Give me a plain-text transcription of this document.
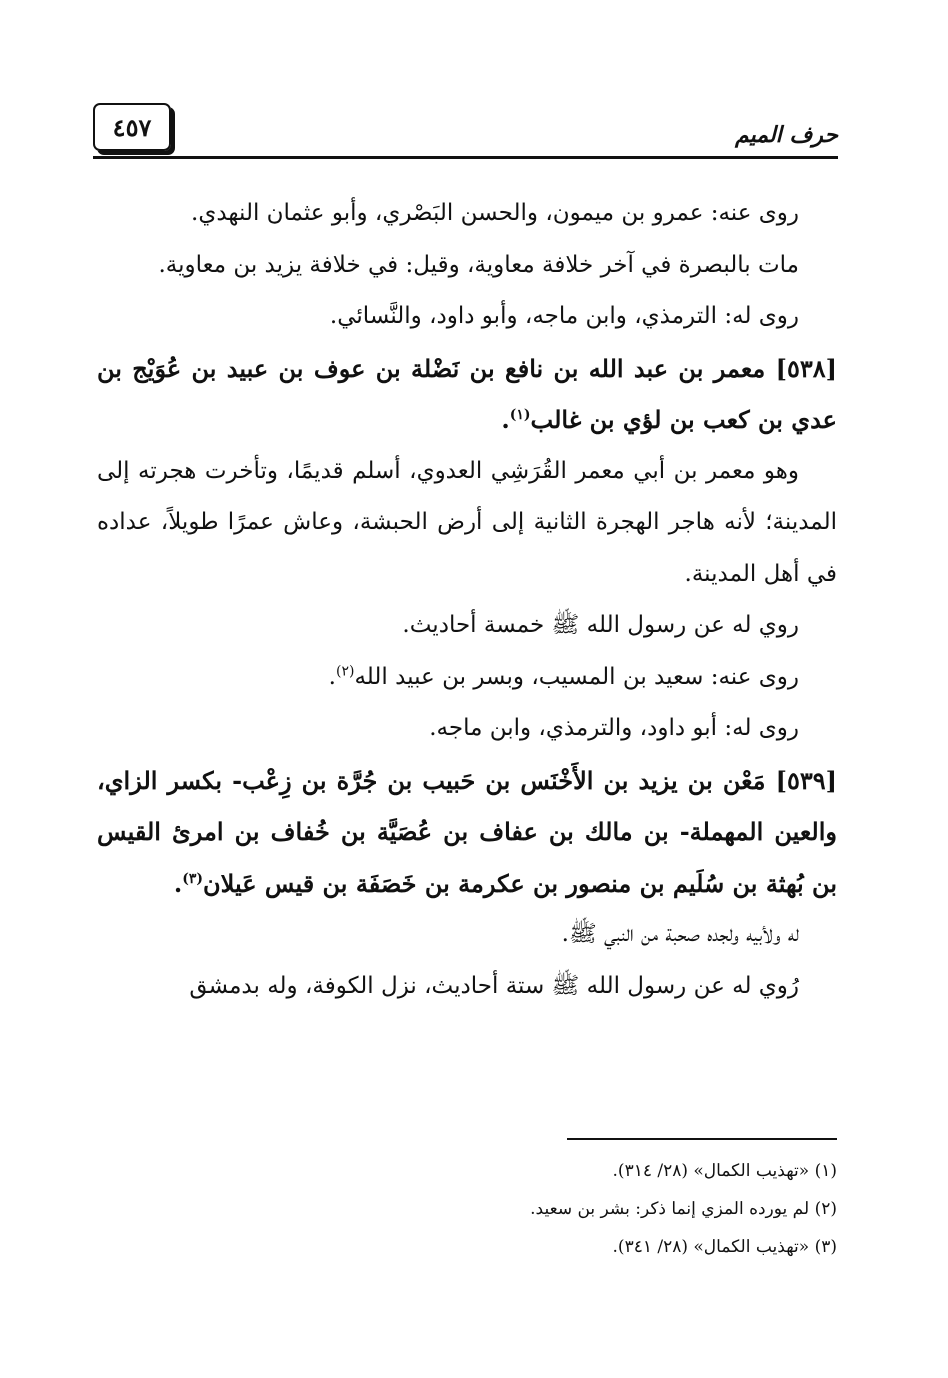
٤٥٧	حرف الميم

روى عنه: عمرو بن ميمون، والحسن البَصْري، وأبو عثمان النهدي.

مات بالبصرة في آخر خلافة معاوية، وقيل: في خلافة يزيد بن معاوية.

روى له: الترمذي، وابن ماجه، وأبو داود، والنَّسائي.

[٥٣٨] معمر بن عبد الله بن نافع بن نَضْلة بن عوف بن عبيد بن عُوَيْج بن عدي بن كعب بن لؤي بن غالب$^{(١)}$.

وهو معمر بن أبي معمر القُرَشِي العدوي، أسلم قديمًا، وتأخرت هجرته إلى المدينة؛ لأنه هاجر الهجرة الثانية إلى أرض الحبشة، وعاش عمرًا طويلاً، عداده في أهل المدينة.

روي له عن رسول الله ﷺ خمسة أحاديث.

روى عنه: سعيد بن المسيب، وبسر بن عبيد الله$^{(٢)}$.

روى له: أبو داود، والترمذي، وابن ماجه.

[٥٣٩] مَعْن بن يزيد بن الأَخْنَس بن حَبيب بن جُرَّة بن زِعْب- بكسر الزاي، والعين المهملة- بن مالك بن عفاف بن عُصَيَّة بن خُفاف بن امرئ القيس بن بُهثة بن سُلَيم بن منصور بن عكرمة بن خَصَفَة بن قيس عَيلان$^{(٣)}$.

له ولأبيه ولجده صحبة من النبي ﷺ.

رُوي له عن رسول الله ﷺ ستة أحاديث، نزل الكوفة، وله بدمشق

(١) «تهذيب الكمال» (٢٨/ ٣١٤).

(٢) لم يورده المزي إنما ذكر: بشر بن سعيد.

(٣) «تهذيب الكمال» (٢٨/ ٣٤١).
